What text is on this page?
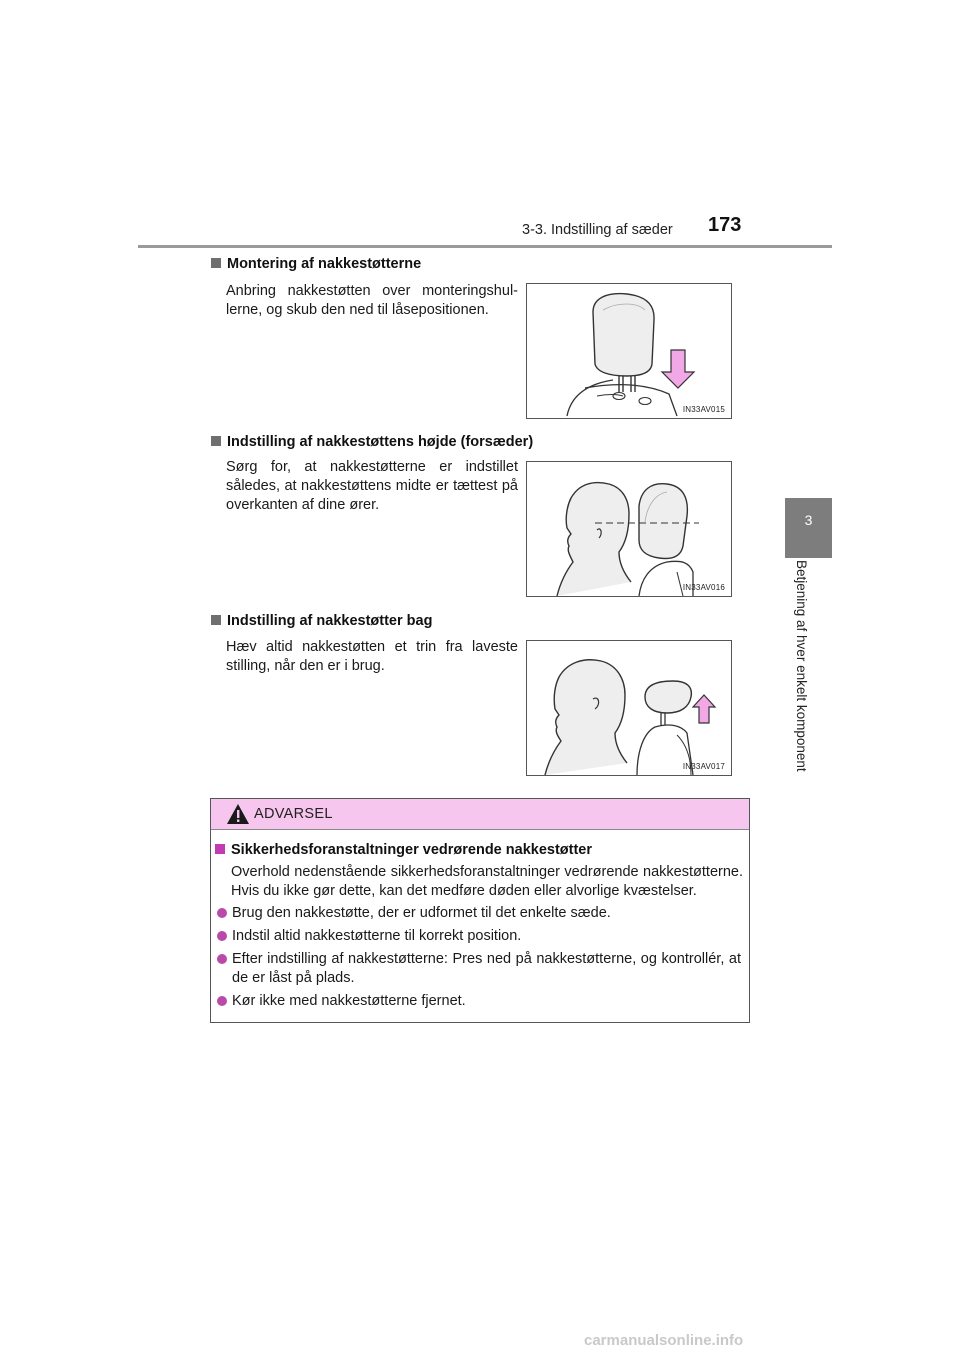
3-3. Indstilling af sæder 173
3
Betjening af hver enkelt komponent
Montering af nakkestøtterne
Anbring nakkestøtten over monteringshul-lerne, og skub den ned til låsepositionen.
IN33AV015
Indstilling af nakkestøttens højde (forsæder)
Sørg for, at nakkestøtterne er indstillet således, at nakkestøttens midte er tættest på overkanten af dine ører.
IN33AV016
Indstilling af nakkestøtter bag
Hæv altid nakkestøtten et trin fra laveste stilling, når den er i brug.
IN33AV017
ADVARSEL
Sikkerhedsforanstaltninger vedrørende nakkestøtter
Overhold nedenstående sikkerhedsforanstaltninger vedrørende nakkestøtterne. Hvis du ikke gør dette, kan det medføre døden eller alvorlige kvæstelser.
Brug den nakkestøtte, der er udformet til det enkelte sæde.
Indstil altid nakkestøtterne til korrekt position.
Efter indstilling af nakkestøtterne: Pres ned på nakkestøtterne, og kontrollér, at de er låst på plads.
Kør ikke med nakkestøtterne fjernet.
carmanualsonline.info
